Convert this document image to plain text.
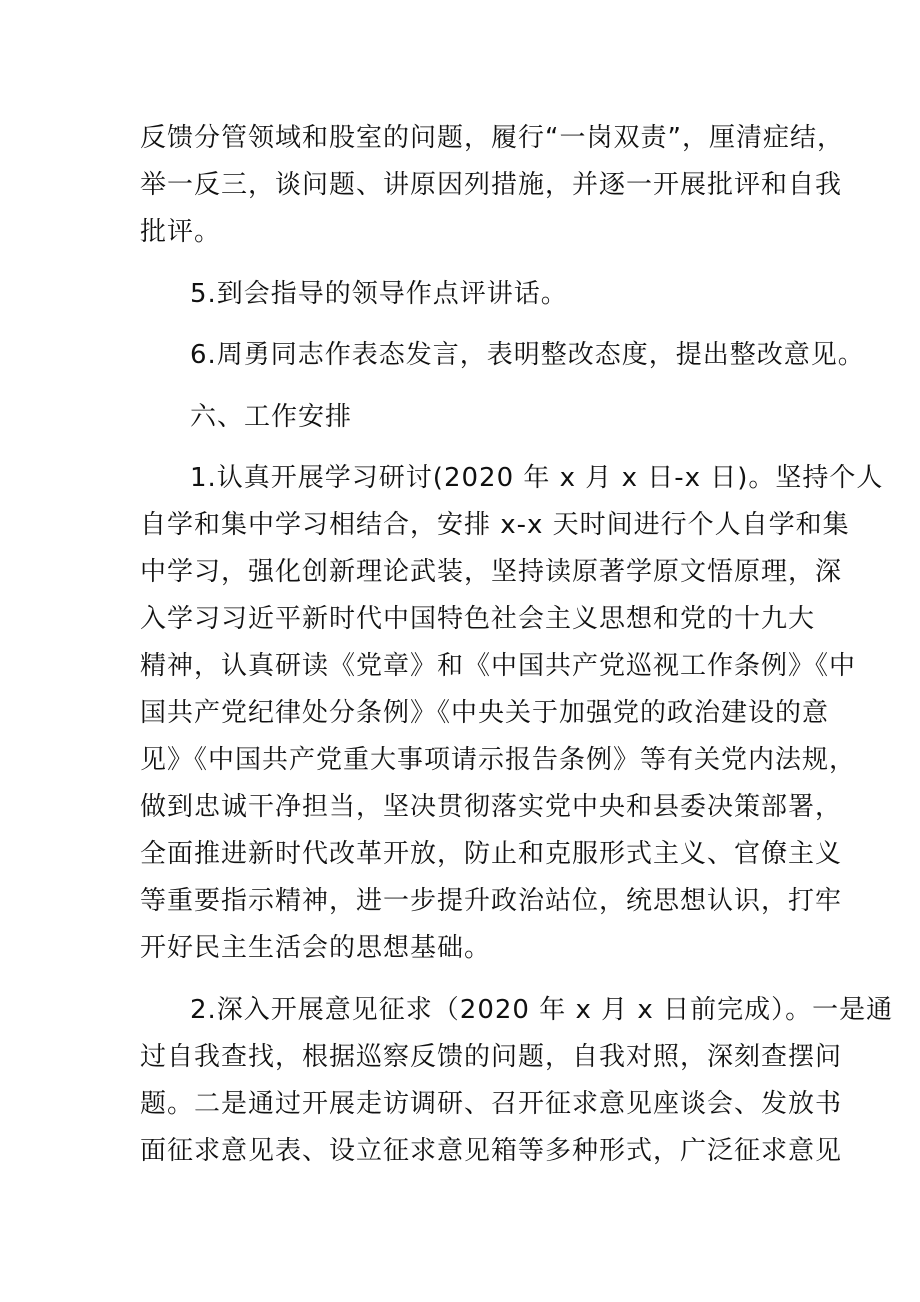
反馈分管领域和股室的问题，履行“一岗双责”，厘清症结，
举一反三，谈问题、讲原因列措施，并逐一开展批评和自我
批评。
5.到会指导的领导作点评讲话。
6.周勇同志作表态发言，表明整改态度，提出整改意见。
六、工作安排
1.认真开展学习研讨(2020 年 x 月 x 日-x 日)。坚持个人
自学和集中学习相结合，安排 x-x 天时间进行个人自学和集
中学习，强化创新理论武装，坚持读原著学原文悟原理，深
入学习习近平新时代中国特色社会主义思想和党的十九大
精神，认真研读《党章》和《中国共产党巡视工作条例》《中
国共产党纪律处分条例》《中央关于加强党的政治建设的意
见》《中国共产党重大事项请示报告条例》等有关党内法规，
做到忠诚干净担当，坚决贯彻落实党中央和县委决策部署，
全面推进新时代改革开放，防止和克服形式主义、官僚主义
等重要指示精神，进一步提升政治站位，统思想认识，打牢
开好民主生活会的思想基础。
2.深入开展意见征求（2020 年 x 月 x 日前完成）。一是通
过自我查找，根据巡察反馈的问题，自我对照，深刻查摆问
题。二是通过开展走访调研、召开征求意见座谈会、发放书
面征求意见表、设立征求意见箱等多种形式，广泛征求意见
